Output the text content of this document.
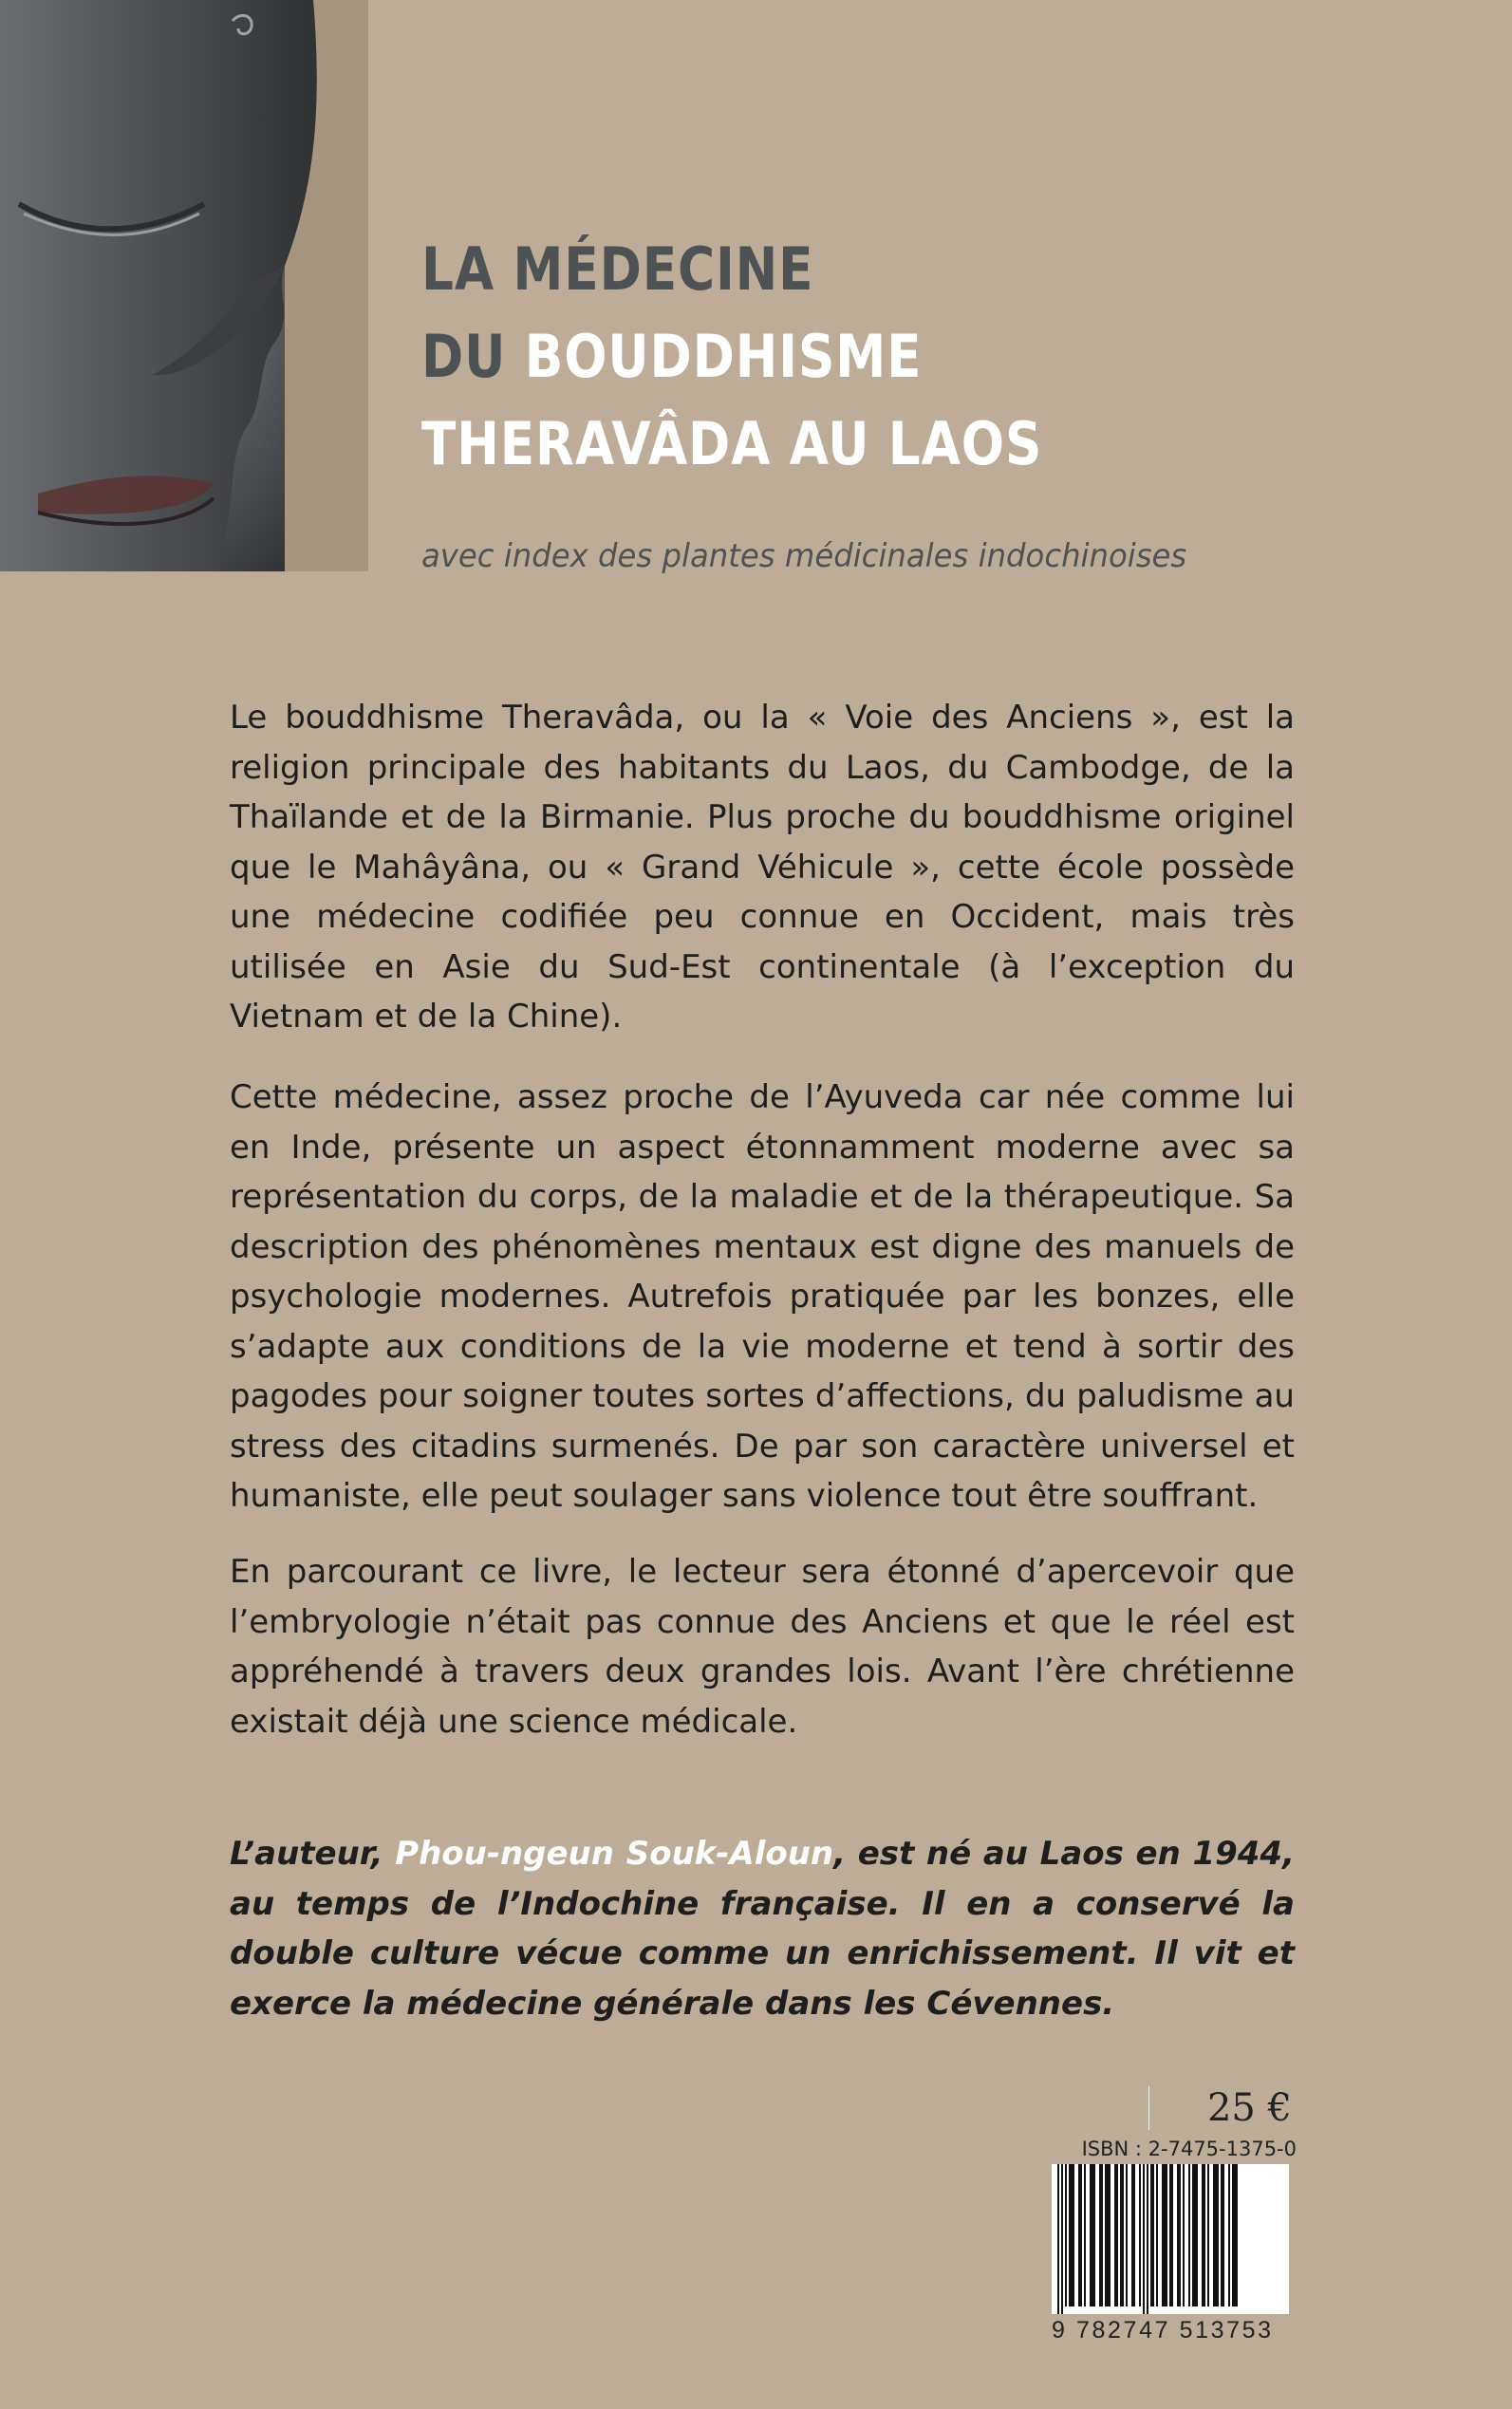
LA MÉDECINE
DU BOUDDHISME
THERAVÂDA AU LAOS
avec index des plantes médicinales indochinoises

Le bouddhisme Theravâda, ou la « Voie des Anciens », est la religion principale des habitants du Laos, du Cambodge, de la Thaïlande et de la Birmanie. Plus proche du bouddhisme originel que le Mahâyâna, ou « Grand Véhicule », cette école possède une médecine codifiée peu connue en Occident, mais très utilisée en Asie du Sud-Est continentale (à l’exception du Vietnam et de la Chine).

Cette médecine, assez proche de l’Ayuveda car née comme lui en Inde, présente un aspect étonnamment moderne avec sa représentation du corps, de la maladie et de la thérapeutique. Sa description des phénomènes mentaux est digne des manuels de psychologie modernes. Autrefois pratiquée par les bonzes, elle s’adapte aux conditions de la vie moderne et tend à sortir des pagodes pour soigner toutes sortes d’affections, du paludisme au stress des citadins surmenés. De par son caractère universel et humaniste, elle peut soulager sans violence tout être souffrant.

En parcourant ce livre, le lecteur sera étonné d’apercevoir que l’embryologie n’était pas connue des Anciens et que le réel est appréhendé à travers deux grandes lois. Avant l’ère chrétienne existait déjà une science médicale.

L’auteur, Phou-ngeun Souk-Aloun, est né au Laos en 1944, au temps de l’Indochine française. Il en a conservé la double culture vécue comme un enrichissement. Il vit et exerce la médecine générale dans les Cévennes.

25 €
ISBN : 2-7475-1375-0
9 782747 513753
